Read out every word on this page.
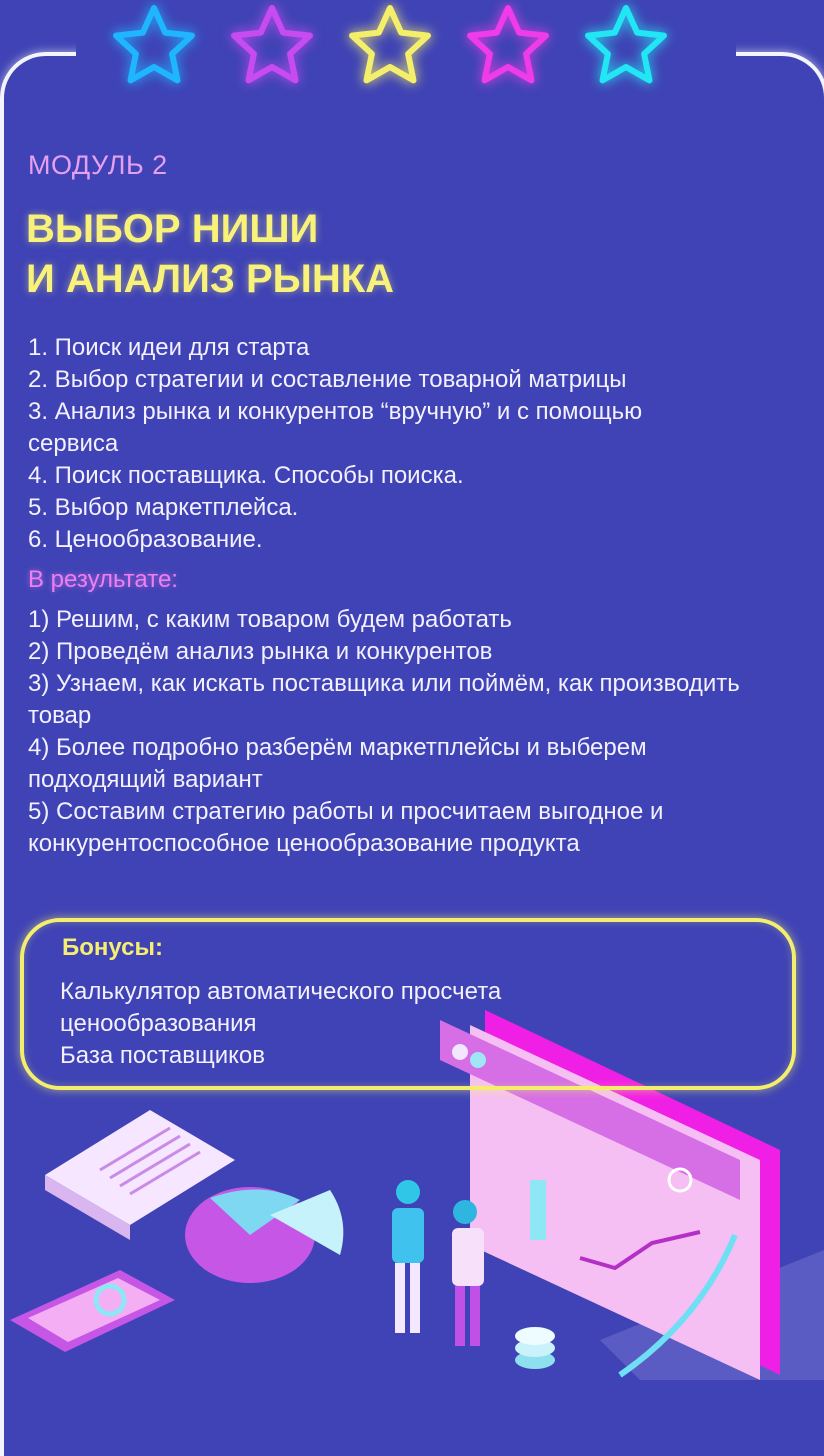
МОДУЛЬ 2
ВЫБОР НИШИ
И АНАЛИЗ РЫНКА
1. Поиск идеи для старта
2. Выбор стратегии и составление товарной матрицы
3. Анализ рынка и конкурентов “вручную” и с помощью сервиса
4. Поиск поставщика. Способы поиска.
5. Выбор маркетплейса.
6. Ценообразование.
В результате:
1) Решим, с каким товаром будем работать
2) Проведём анализ рынка и конкурентов
3) Узнаем, как искать поставщика или поймём, как производить товар
4) Более подробно разберём маркетплейсы и выберем подходящий вариант
5) Составим стратегию работы и просчитаем выгодное и конкурентоспособное ценообразование продукта
Бонусы:
Калькулятор автоматического просчета ценообразования
База поставщиков
